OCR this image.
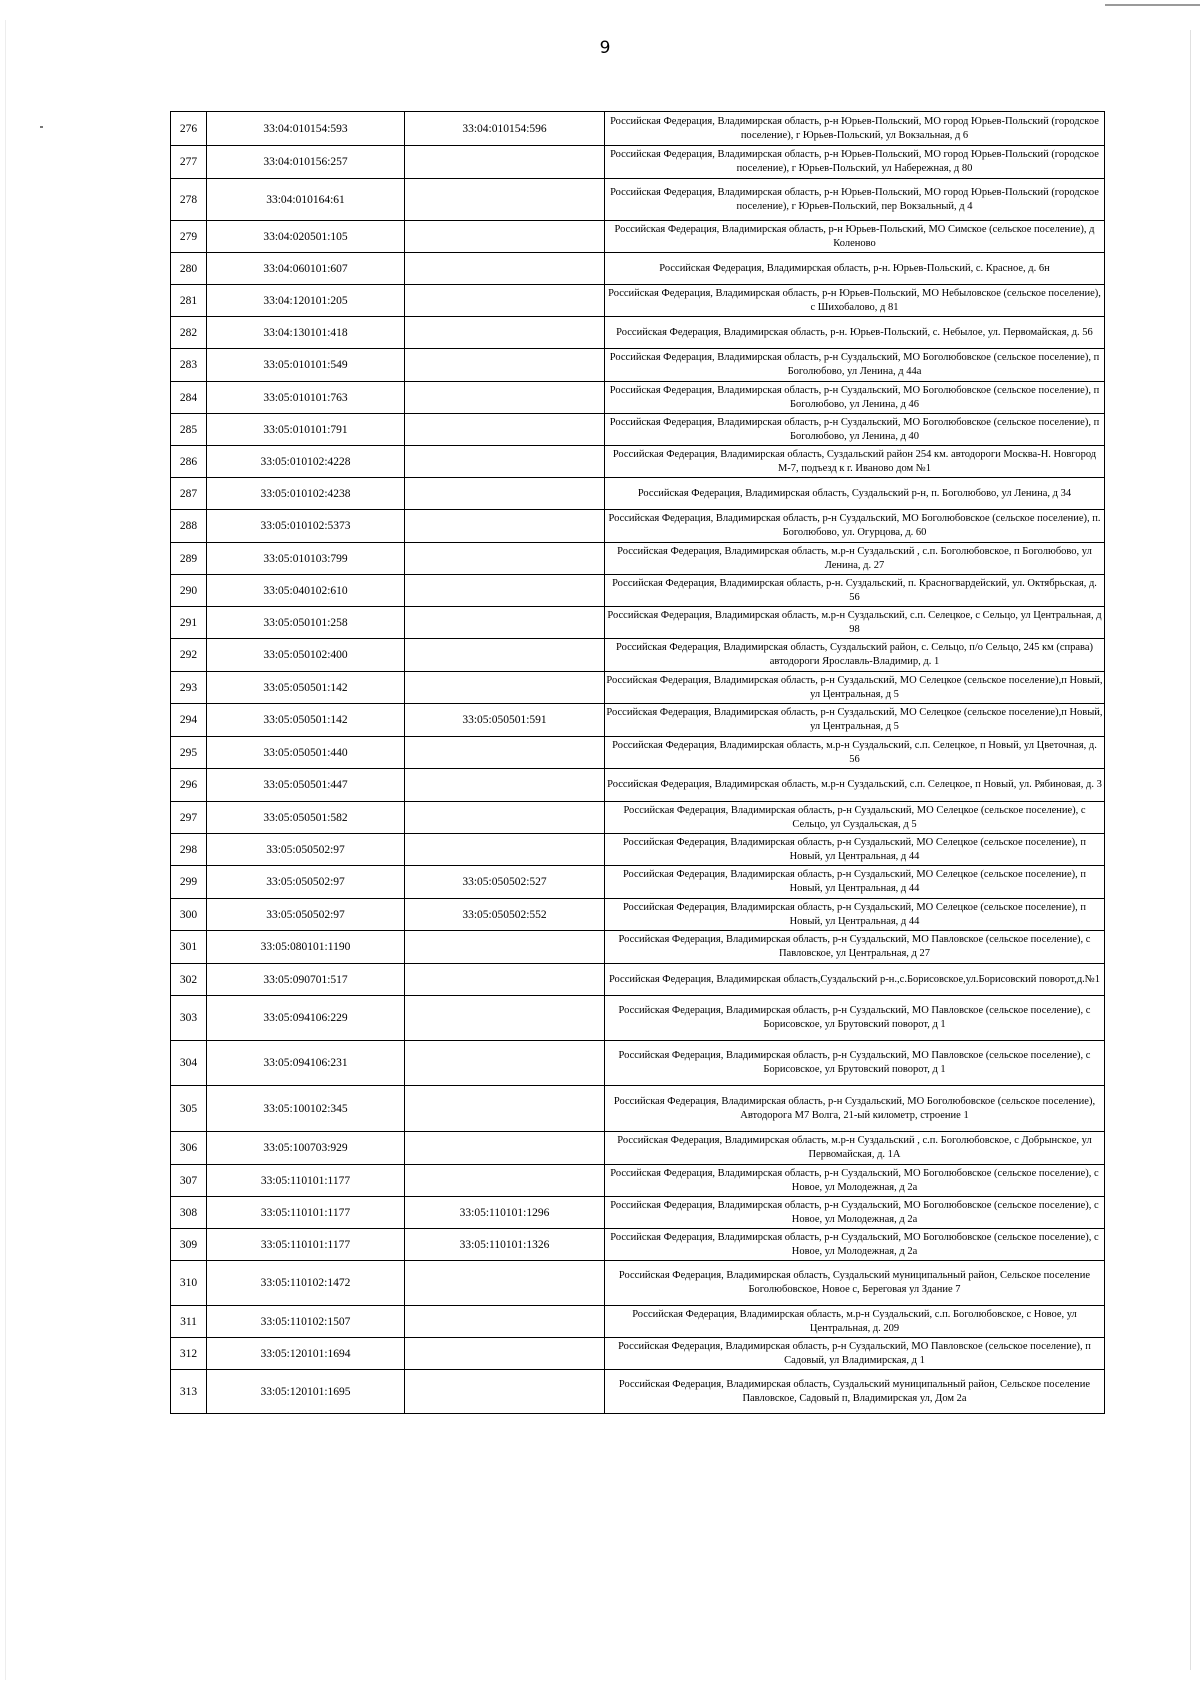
9
276	33:04:010154:593	33:04:010154:596	Российская Федерация, Владимирская область, р-н Юрьев-Польский, МО город Юрьев-Польский (городское поселение), г Юрьев-Польский, ул Вокзальная, д 6
277	33:04:010156:257		Российская Федерация, Владимирская область, р-н Юрьев-Польский, МО город Юрьев-Польский (городское поселение), г Юрьев-Польский, ул Набережная, д 80
278	33:04:010164:61		Российская Федерация, Владимирская область, р-н Юрьев-Польский, МО город Юрьев-Польский (городское поселение), г Юрьев-Польский, пер Вокзальный, д 4
279	33:04:020501:105		Российская Федерация, Владимирская область, р-н Юрьев-Польский, МО Симское (сельское поселение), д Коленово
280	33:04:060101:607		Российская Федерация, Владимирская область, р-н. Юрьев-Польский, с. Красное, д. 6н
281	33:04:120101:205		Российская Федерация, Владимирская область, р-н Юрьев-Польский, МО Небыловское (сельское поселение), с Шихобалово, д 81
282	33:04:130101:418		Российская Федерация, Владимирская область, р-н. Юрьев-Польский, с. Небылое, ул. Первомайская, д. 56
283	33:05:010101:549		Российская Федерация, Владимирская область, р-н Суздальский, МО Боголюбовское (сельское поселение), п Боголюбово, ул Ленина, д 44а
284	33:05:010101:763		Российская Федерация, Владимирская область, р-н Суздальский, МО Боголюбовское (сельское поселение), п Боголюбово, ул Ленина, д 46
285	33:05:010101:791		Российская Федерация, Владимирская область, р-н Суздальский, МО Боголюбовское (сельское поселение), п Боголюбово, ул Ленина, д 40
286	33:05:010102:4228		Российская Федерация, Владимирская область, Суздальский район 254 км. автодороги Москва-Н. Новгород М-7, подъезд к г. Иваново дом №1
287	33:05:010102:4238		Российская Федерация, Владимирская область, Суздальский р-н, п. Боголюбово, ул Ленина, д 34
288	33:05:010102:5373		Российская Федерация, Владимирская область, р-н Суздальский, МО Боголюбовское (сельское поселение), п. Боголюбово, ул. Огурцова, д. 60
289	33:05:010103:799		Российская Федерация, Владимирская область, м.р-н Суздальский , с.п. Боголюбовское, п Боголюбово, ул Ленина, д. 27
290	33:05:040102:610		Российская Федерация, Владимирская область, р-н. Суздальский, п. Красногвардейский, ул. Октябрьская, д. 56
291	33:05:050101:258		Российская Федерация, Владимирская область, м.р-н Суздальский, с.п. Селецкое, с Сельцо, ул Центральная, д 98
292	33:05:050102:400		Российская Федерация, Владимирская область, Суздальский район, с. Сельцо, п/о Сельцо, 245 км (справа) автодороги Ярославль-Владимир, д. 1
293	33:05:050501:142		Российская Федерация, Владимирская область, р-н Суздальский, МО Селецкое (сельское поселение),п Новый, ул Центральная, д 5
294	33:05:050501:142	33:05:050501:591	Российская Федерация, Владимирская область, р-н Суздальский, МО Селецкое (сельское поселение),п Новый, ул Центральная, д 5
295	33:05:050501:440		Российская Федерация, Владимирская область, м.р-н Суздальский, с.п. Селецкое, п Новый, ул Цветочная, д. 56
296	33:05:050501:447		Российская Федерация, Владимирская область, м.р-н Суздальский, с.п. Селецкое, п Новый, ул. Рябиновая, д. 3
297	33:05:050501:582		Российская Федерация, Владимирская область, р-н Суздальский, МО Селецкое (сельское поселение), с Сельцо, ул Суздальская, д 5
298	33:05:050502:97		Российская Федерация, Владимирская область, р-н Суздальский, МО Селецкое (сельское поселение), п Новый, ул Центральная, д 44
299	33:05:050502:97	33:05:050502:527	Российская Федерация, Владимирская область, р-н Суздальский, МО Селецкое (сельское поселение), п Новый, ул Центральная, д 44
300	33:05:050502:97	33:05:050502:552	Российская Федерация, Владимирская область, р-н Суздальский, МО Селецкое (сельское поселение), п Новый, ул Центральная, д 44
301	33:05:080101:1190		Российская Федерация, Владимирская область, р-н Суздальский, МО Павловское (сельское поселение), с Павловское, ул Центральная, д 27
302	33:05:090701:517		Российская Федерация, Владимирская область,Суздальский р-н.,с.Борисовское,ул.Борисовский поворот,д.№1
303	33:05:094106:229		Российская Федерация, Владимирская область, р-н Суздальский, МО Павловское (сельское поселение), с Борисовское, ул Брутовский поворот, д 1
304	33:05:094106:231		Российская Федерация, Владимирская область, р-н Суздальский, МО Павловское (сельское поселение), с Борисовское, ул Брутовский поворот, д 1
305	33:05:100102:345		Российская Федерация, Владимирская область, р-н Суздальский, МО Боголюбовское (сельское поселение), Автодорога М7 Волга, 21-ый километр, строение 1
306	33:05:100703:929		Российская Федерация, Владимирская область, м.р-н Суздальский , с.п. Боголюбовское, с Добрынское, ул Первомайская, д. 1А
307	33:05:110101:1177		Российская Федерация, Владимирская область, р-н Суздальский, МО Боголюбовское (сельское поселение), с Новое, ул Молодежная, д 2а
308	33:05:110101:1177	33:05:110101:1296	Российская Федерация, Владимирская область, р-н Суздальский, МО Боголюбовское (сельское поселение), с Новое, ул Молодежная, д 2а
309	33:05:110101:1177	33:05:110101:1326	Российская Федерация, Владимирская область, р-н Суздальский, МО Боголюбовское (сельское поселение), с Новое, ул Молодежная, д 2а
310	33:05:110102:1472		Российская Федерация, Владимирская область, Суздальский муниципальный район, Сельское поселение Боголюбовское, Новое с, Береговая ул Здание 7
311	33:05:110102:1507		Российская Федерация, Владимирская область, м.р-н Суздальский, с.п. Боголюбовское, с Новое, ул Центральная, д. 209
312	33:05:120101:1694		Российская Федерация, Владимирская область, р-н Суздальский, МО Павловское (сельское поселение), п Садовый, ул Владимирская, д 1
313	33:05:120101:1695		Российская Федерация, Владимирская область, Суздальский муниципальный район, Сельское поселение Павловское, Садовый п, Владимирская ул, Дом 2а
